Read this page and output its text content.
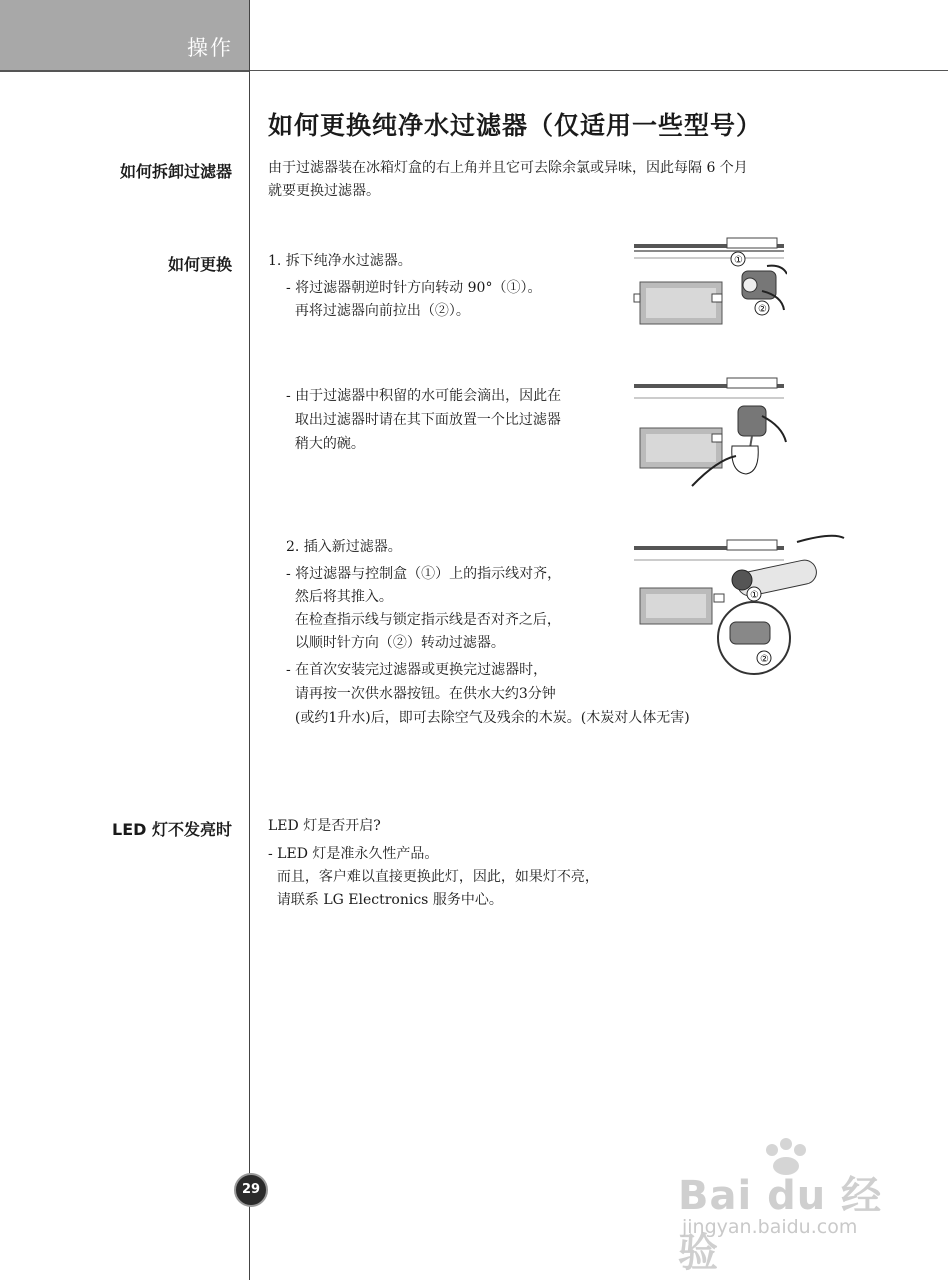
操作
如何更换纯净水过滤器（仅适用一些型号）
如何拆卸过滤器	由于过滤器装在冰箱灯盒的右上角并且它可去除余氯或异味，因此每隔 6 个月
就要更换过滤器。
如何更换	1. 拆下纯净水过滤器。
- 将过滤器朝逆时针方向转动 90°（①）。
再将过滤器向前拉出（②）。
- 由于过滤器中积留的水可能会滴出，因此在
取出过滤器时请在其下面放置一个比过滤器
稍大的碗。
2. 插入新过滤器。
- 将过滤器与控制盒（①）上的指示线对齐，
然后将其推入。
在检查指示线与锁定指示线是否对齐之后，
以顺时针方向（②）转动过滤器。
- 在首次安装完过滤器或更换完过滤器时，
请再按一次供水器按钮。在供水大约3分钟
(或约1升水)后，即可去除空气及残余的木炭。(木炭对人体无害)
LED 灯不发亮时	LED 灯是否开启?
- LED 灯是准永久性产品。
而且，客户难以直接更换此灯，因此，如果灯不亮，
请联系 LG Electronics 服务中心。
①
②
①
②
29	Bai du 经验
jingyan.baidu.com
